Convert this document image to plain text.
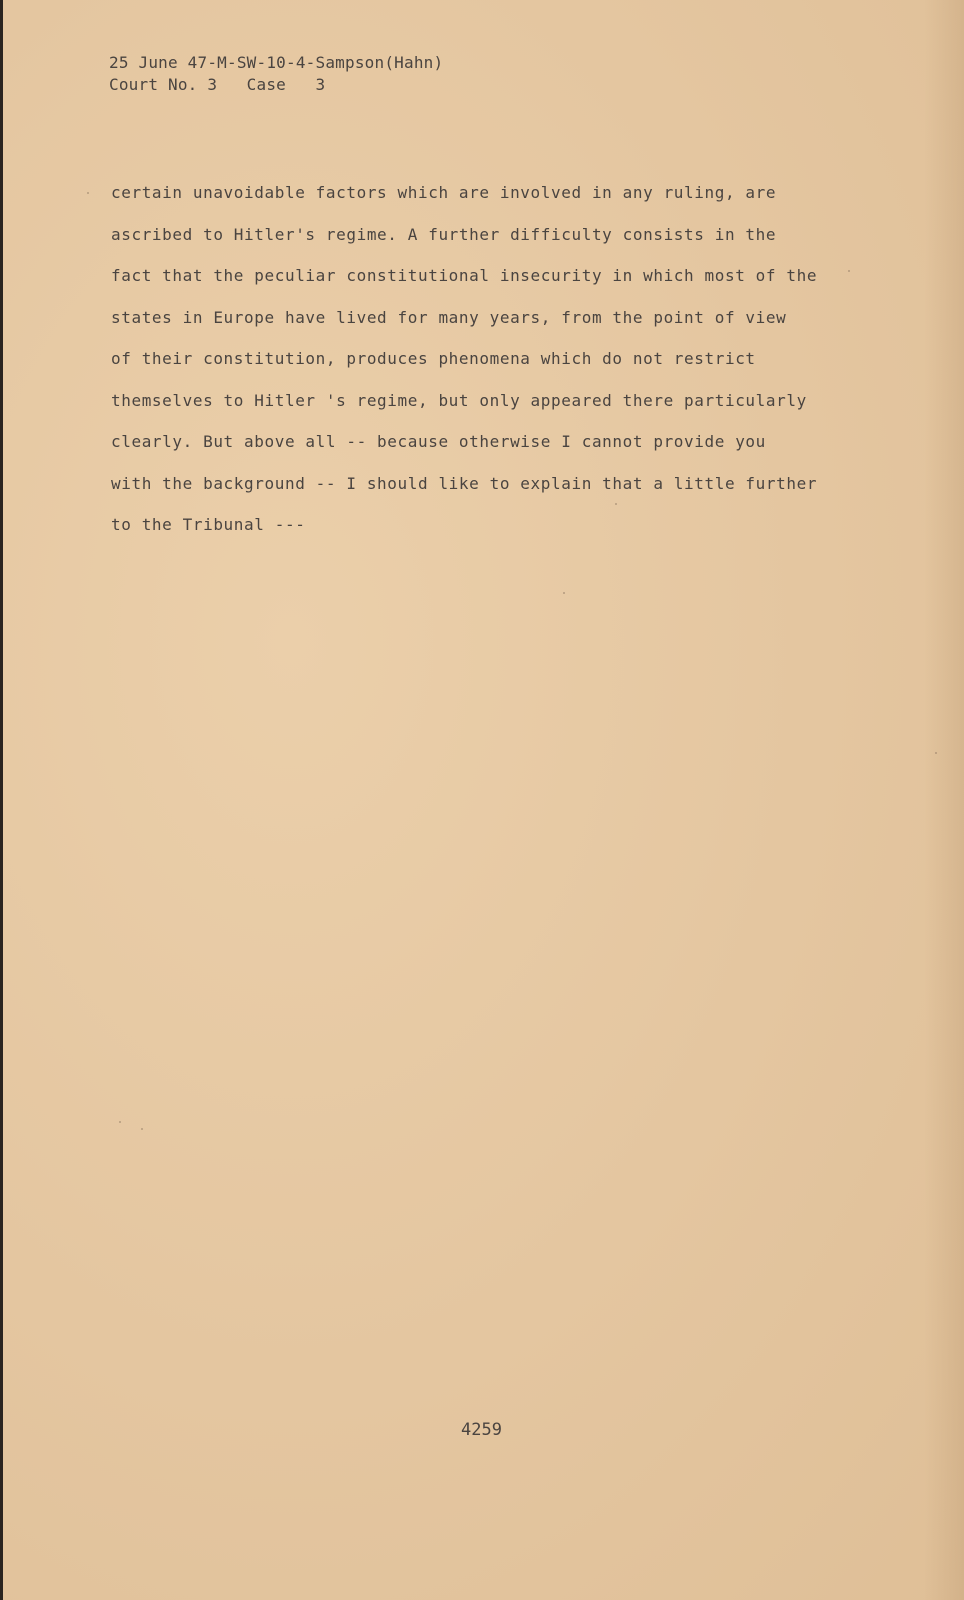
25 June 47-M-SW-10-4-Sampson(Hahn)
Court No. 3   Case   3
certain unavoidable factors which are involved in any ruling, are
ascribed to Hitler's regime. A further difficulty consists in the
fact that the peculiar constitutional insecurity in which most of the
states in Europe have lived for many years, from the point of view
of their constitution, produces phenomena which do not restrict
themselves to Hitler 's regime, but only appeared there particularly
clearly. But above all -- because otherwise I cannot provide you
with the background -- I should like to explain that a little further
to the Tribunal ---
4259
